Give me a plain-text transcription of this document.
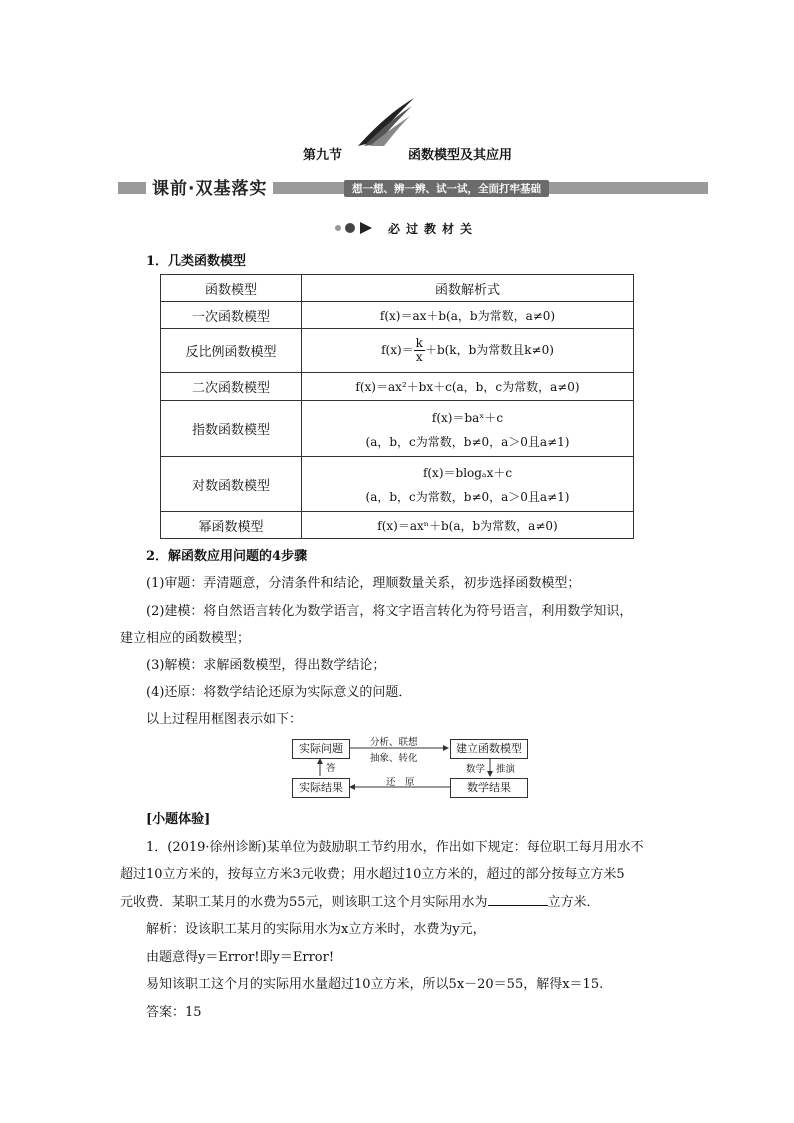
第九节	函数模型及其应用
课前·双基落实	想一想、辨一辨、试一试，全面打牢基础
必过教材关
1．几类函数模型
函数模型	函数解析式
一次函数模型	f(x)＝ax＋b(a，b为常数，a≠0)
反比例函数模型	$f(x)= \frac{k}{x} +b(k$，b为常数且k≠0)
二次函数模型	f(x)＝ax²＋bx＋c(a，b，c为常数，a≠0)
指数函数模型	f(x)＝baˣ＋c
(a，b，c为常数，b≠0，a＞0且a≠1)

对数函数模型	f(x)＝blogₐx＋c
(a，b，c为常数，b≠0，a＞0且a≠1)

幂函数模型	f(x)＝axⁿ＋b(a，b为常数，a≠0)
2．解函数应用问题的4步骤
(1)审题：弄清题意，分清条件和结论，理顺数量关系，初步选择函数模型；
(2)建模：将自然语言转化为数学语言，将文字语言转化为符号语言，利用数学知识，
建立相应的函数模型；
(3)解模：求解函数模型，得出数学结论；
(4)还原：将数学结论还原为实际意义的问题．
以上过程用框图表示如下：
实际问题	建立函数模型
实际结果	数学结果
分析、联想
抽象、转化
答	数学 推演
还　原
[小题体验]
1．(2019·徐州诊断)某单位为鼓励职工节约用水，作出如下规定：每位职工每月用水不
超过10立方米的，按每立方米3元收费；用水超过10立方米的，超过的部分按每立方米5
元收费．某职工某月的水费为55元，则该职工这个月实际用水为	立方米．
解析：设该职工某月的实际用水为x立方米时，水费为y元，
由题意得y＝Error!即y＝Error!
易知该职工这个月的实际用水量超过10立方米，所以5x－20＝55，解得x＝15.
答案：15
